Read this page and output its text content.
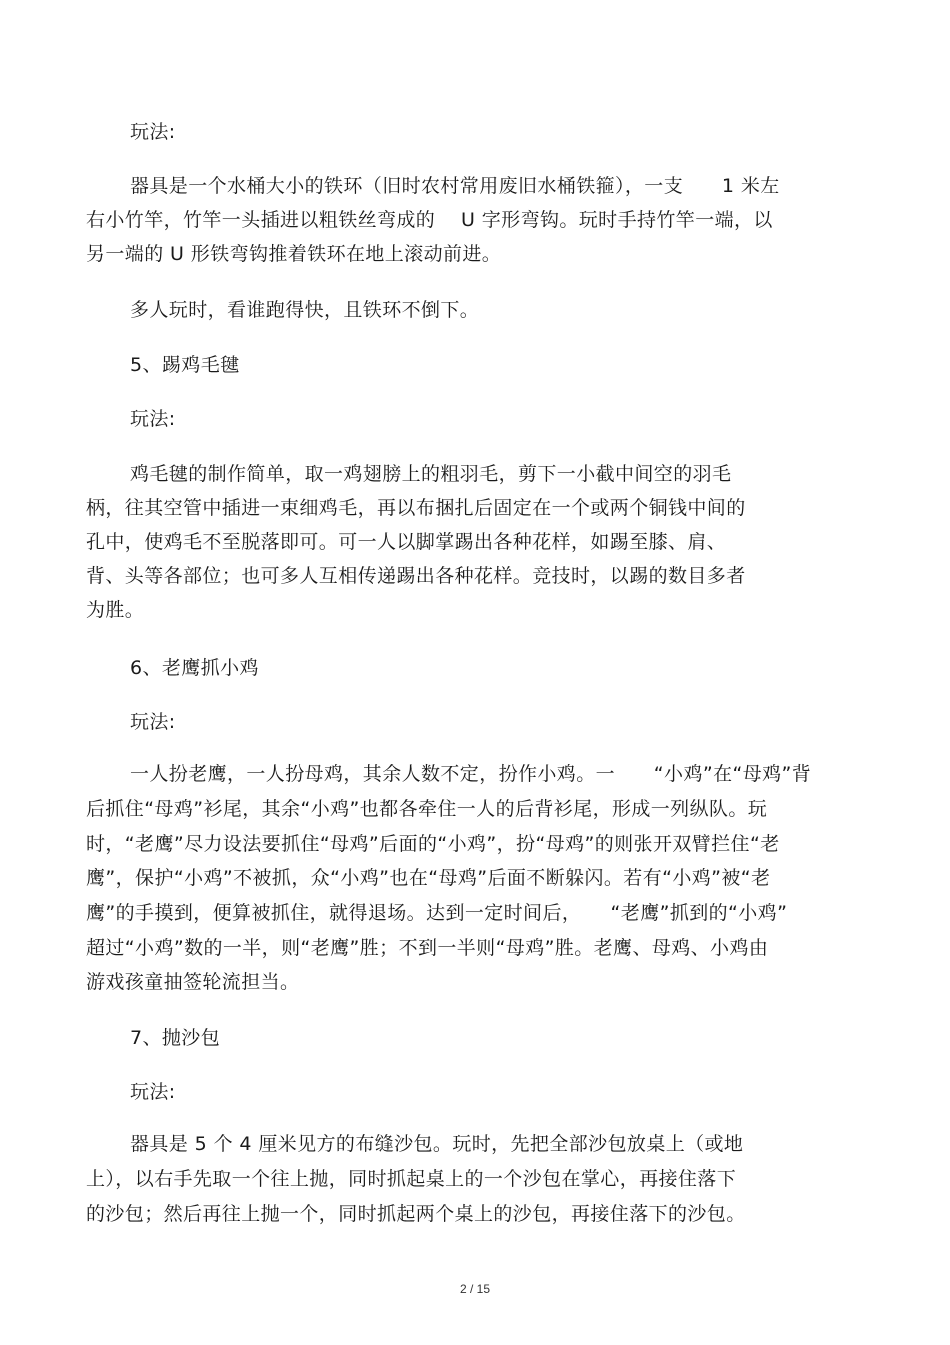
玩法:
器具是一个水桶大小的铁环（旧时农村常用废旧水桶铁箍），一支　　1 米左
右小竹竿，竹竿一头插进以粗铁丝弯成的　 U 字形弯钩。玩时手持竹竿一端，以
另一端的 U 形铁弯钩推着铁环在地上滚动前进。
多人玩时，看谁跑得快，且铁环不倒下。
5、踢鸡毛毽
玩法:
鸡毛毽的制作简单，取一鸡翅膀上的粗羽毛，剪下一小截中间空的羽毛
柄，往其空管中插进一束细鸡毛，再以布捆扎后固定在一个或两个铜钱中间的
孔中，使鸡毛不至脱落即可。可一人以脚掌踢出各种花样，如踢至膝、肩、
背、头等各部位；也可多人互相传递踢出各种花样。竞技时，以踢的数目多者
为胜。
6、老鹰抓小鸡
玩法:
一人扮老鹰，一人扮母鸡，其余人数不定，扮作小鸡。一　　“小鸡”在“母鸡”背
后抓住“母鸡”衫尾，其余“小鸡”也都各牵住一人的后背衫尾，形成一列纵队。玩
时，“老鹰”尽力设法要抓住“母鸡”后面的“小鸡”，扮“母鸡”的则张开双臂拦住“老
鹰”，保护“小鸡”不被抓，众“小鸡”也在“母鸡”后面不断躲闪。若有“小鸡”被“老
鹰”的手摸到，便算被抓住，就得退场。达到一定时间后，　　“老鹰”抓到的“小鸡”
超过“小鸡”数的一半，则“老鹰”胜；不到一半则“母鸡”胜。老鹰、母鸡、小鸡由
游戏孩童抽签轮流担当。
7、抛沙包
玩法:
器具是 5 个 4 厘米见方的布缝沙包。玩时，先把全部沙包放桌上（或地
上），以右手先取一个往上抛，同时抓起桌上的一个沙包在掌心，再接住落下
的沙包；然后再往上抛一个，同时抓起两个桌上的沙包，再接住落下的沙包。
2 / 15
